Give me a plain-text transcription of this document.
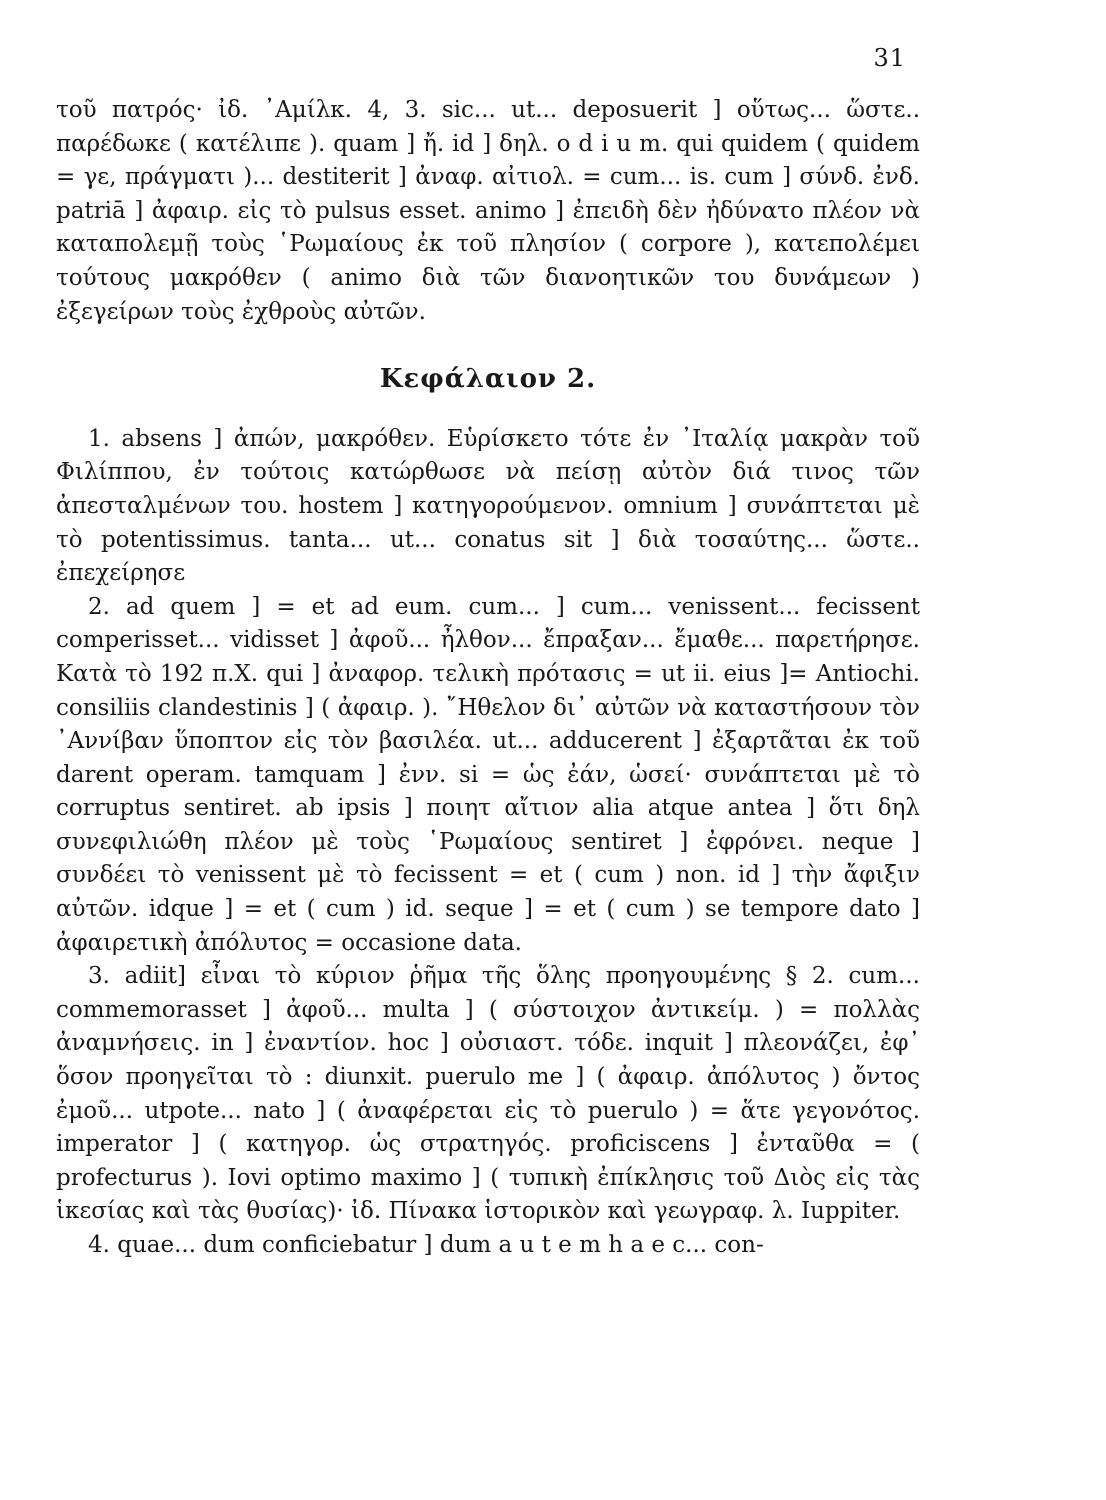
31

τοῦ πατρός· ἰδ. ᾿Αμίλκ. 4, 3. sic... ut... deposuerit ] οὕτως... ὥστε.. παρέδωκε ( κατέλιπε ). quam ] ἤ. id ] δηλ. o d i u m. qui quidem ( quidem = γε, πράγματι )... destiterit ] ἀναφ. αἰτιολ. = cum... is. cum ] σύνδ. ἐνδ. patriā ] ἀφαιρ. εἰς τὸ pulsus esset. animo ] ἐπειδὴ δὲν ἠδύνατο πλέον νὰ καταπολεμῇ τοὺς ῾Ρωμαίους ἐκ τοῦ πλησίον ( corpore ), κατεπολέμει τούτους μακρόθεν ( animo διὰ τῶν διανοητικῶν του δυνάμεων ) ἐξεγείρων τοὺς ἐχθροὺς αὐτῶν.

Κεφάλαιον 2.

1. absens ] ἀπών, μακρόθεν. Εὑρίσκετο τότε ἐν ᾿Ιταλίᾳ μακρὰν τοῦ Φιλίππου, ἐν τούτοις κατώρθωσε νὰ πείσῃ αὐτὸν διά τινος τῶν ἀπεσταλμένων του. hostem ] κατηγορούμενον. omnium ] συνάπτεται μὲ τὸ potentissimus. tanta... ut... conatus sit ] διὰ τοσαύτης... ὥστε.. ἐπεχείρησε

2. ad quem ] = et ad eum. cum... ] cum... venissent... fecissent comperisset... vidisset ] ἀφοῦ... ἦλθον... ἔπραξαν... ἔμαθε... παρετήρησε. Κατὰ τὸ 192 π.Χ. qui ] ἀναφορ. τελικὴ πρότασις = ut ii. eius ]= Antiochi. consiliis clandestinis ] ( ἀφαιρ. ). ῎Ηθελον δι᾿ αὐτῶν νὰ καταστήσουν τὸν ᾿Αννίβαν ὕποπτον εἰς τὸν βασιλέα. ut... adducerent ] ἐξαρτᾶται ἐκ τοῦ darent operam. tamquam ] ἐνν. si = ὡς ἐάν, ὡσεί· συνάπτεται μὲ τὸ corruptus sentiret. ab ipsis ] ποιητ αἴτιον alia atque antea ] ὅτι δηλ συνεφιλιώθη πλέον μὲ τοὺς ῾Ρωμαίους sentiret ] ἐφρόνει. neque ] συνδέει τὸ venissent μὲ τὸ fecissent = et ( cum ) non. id ] τὴν ἄφιξιν αὐτῶν. idque ] = et ( cum ) id. seque ] = et ( cum ) se tempore dato ] ἀφαιρετικὴ ἀπόλυτος = occasione data.

3. adiit] εἶναι τὸ κύριον ῥῆμα τῆς ὅλης προηγουμένης § 2. cum... commemorasset ] ἀφοῦ... multa ] ( σύστοιχον ἀντικείμ. ) = πολλὰς ἀναμνήσεις. in ] ἐναντίον. hoc ] οὐσιαστ. τόδε. inquit ] πλεονάζει, ἐφ᾿ ὅσον προηγεῖται τὸ : diunxit. puerulo me ] ( ἀφαιρ. ἀπόλυτος ) ὄντος ἐμοῦ... utpote... nato ] ( ἀναφέρεται εἰς τὸ puerulo ) = ἅτε γεγονότος. imperator ] ( κατηγορ. ὡς στρατηγός. proficiscens ] ἐνταῦθα = ( profecturus ). Iovi optimo maximo ] ( τυπικὴ ἐπίκλησις τοῦ Διὸς εἰς τὰς ἱκεσίας καὶ τὰς θυσίας)· ἰδ. Πίνακα ἱστορικὸν καὶ γεωγραφ. λ. Iuppiter.

4. quae... dum conficiebatur ] dum a u t e m h a e c... con-
